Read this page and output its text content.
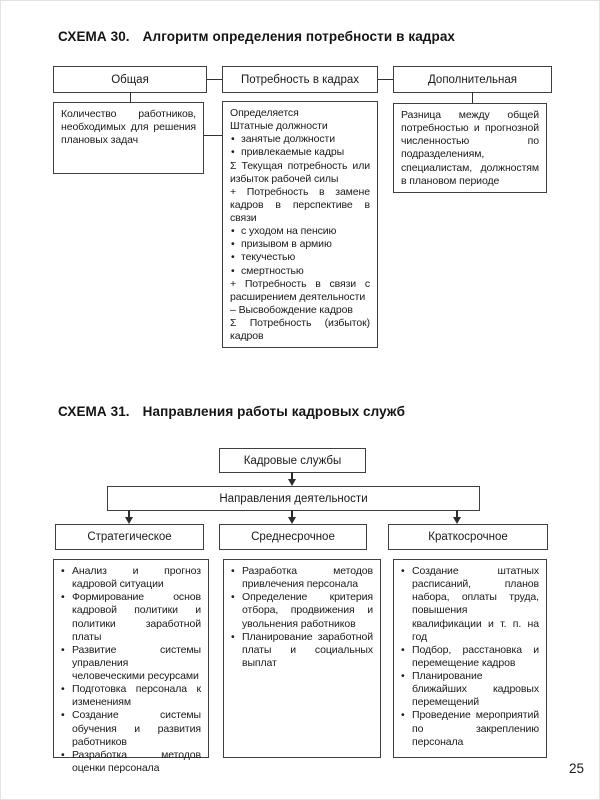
СХЕМА 30. Алгоритм определения потребности в кадрах
Общая	Потребность в кадрах	Дополнительная
Количество работников, необходимых для решения плановых задач
Определяется
Штатные должности
• занятые должности
• привлекаемые кадры
Σ Текущая потребность или избыток рабочей силы
+ Потребность в замене кадров в перспективе в связи
• с уходом на пенсию
• призывом в армию
• текучестью
• смертностью
+ Потребность в связи с расширением деятельности
– Высвобождение кадров
Σ Потребность (избыток) кадров
Разница между общей потребностью и прогнозной численностью по подразделениям, специалистам, должностям в плановом периоде
СХЕМА 31. Направления работы кадровых служб
Кадровые службы
Направления деятельности
Стратегическое	Среднесрочное	Краткосрочное
• Анализ и прогноз кадровой ситуации
• Формирование основ кадровой политики и политики заработной платы
• Развитие системы управления человеческими ресурсами
• Подготовка персонала к изменениям
• Создание системы обучения и развития работников
• Разработка методов оценки персонала
• Разработка методов привлечения персонала
• Определение критерия отбора, продвижения и увольнения работников
• Планирование заработной платы и социальных выплат
• Создание штатных расписаний, планов набора, оплаты труда, повышения квалификации и т. п. на год
• Подбор, расстановка и перемещение кадров
• Планирование ближайших кадровых перемещений
• Проведение мероприятий по закреплению персонала
25
